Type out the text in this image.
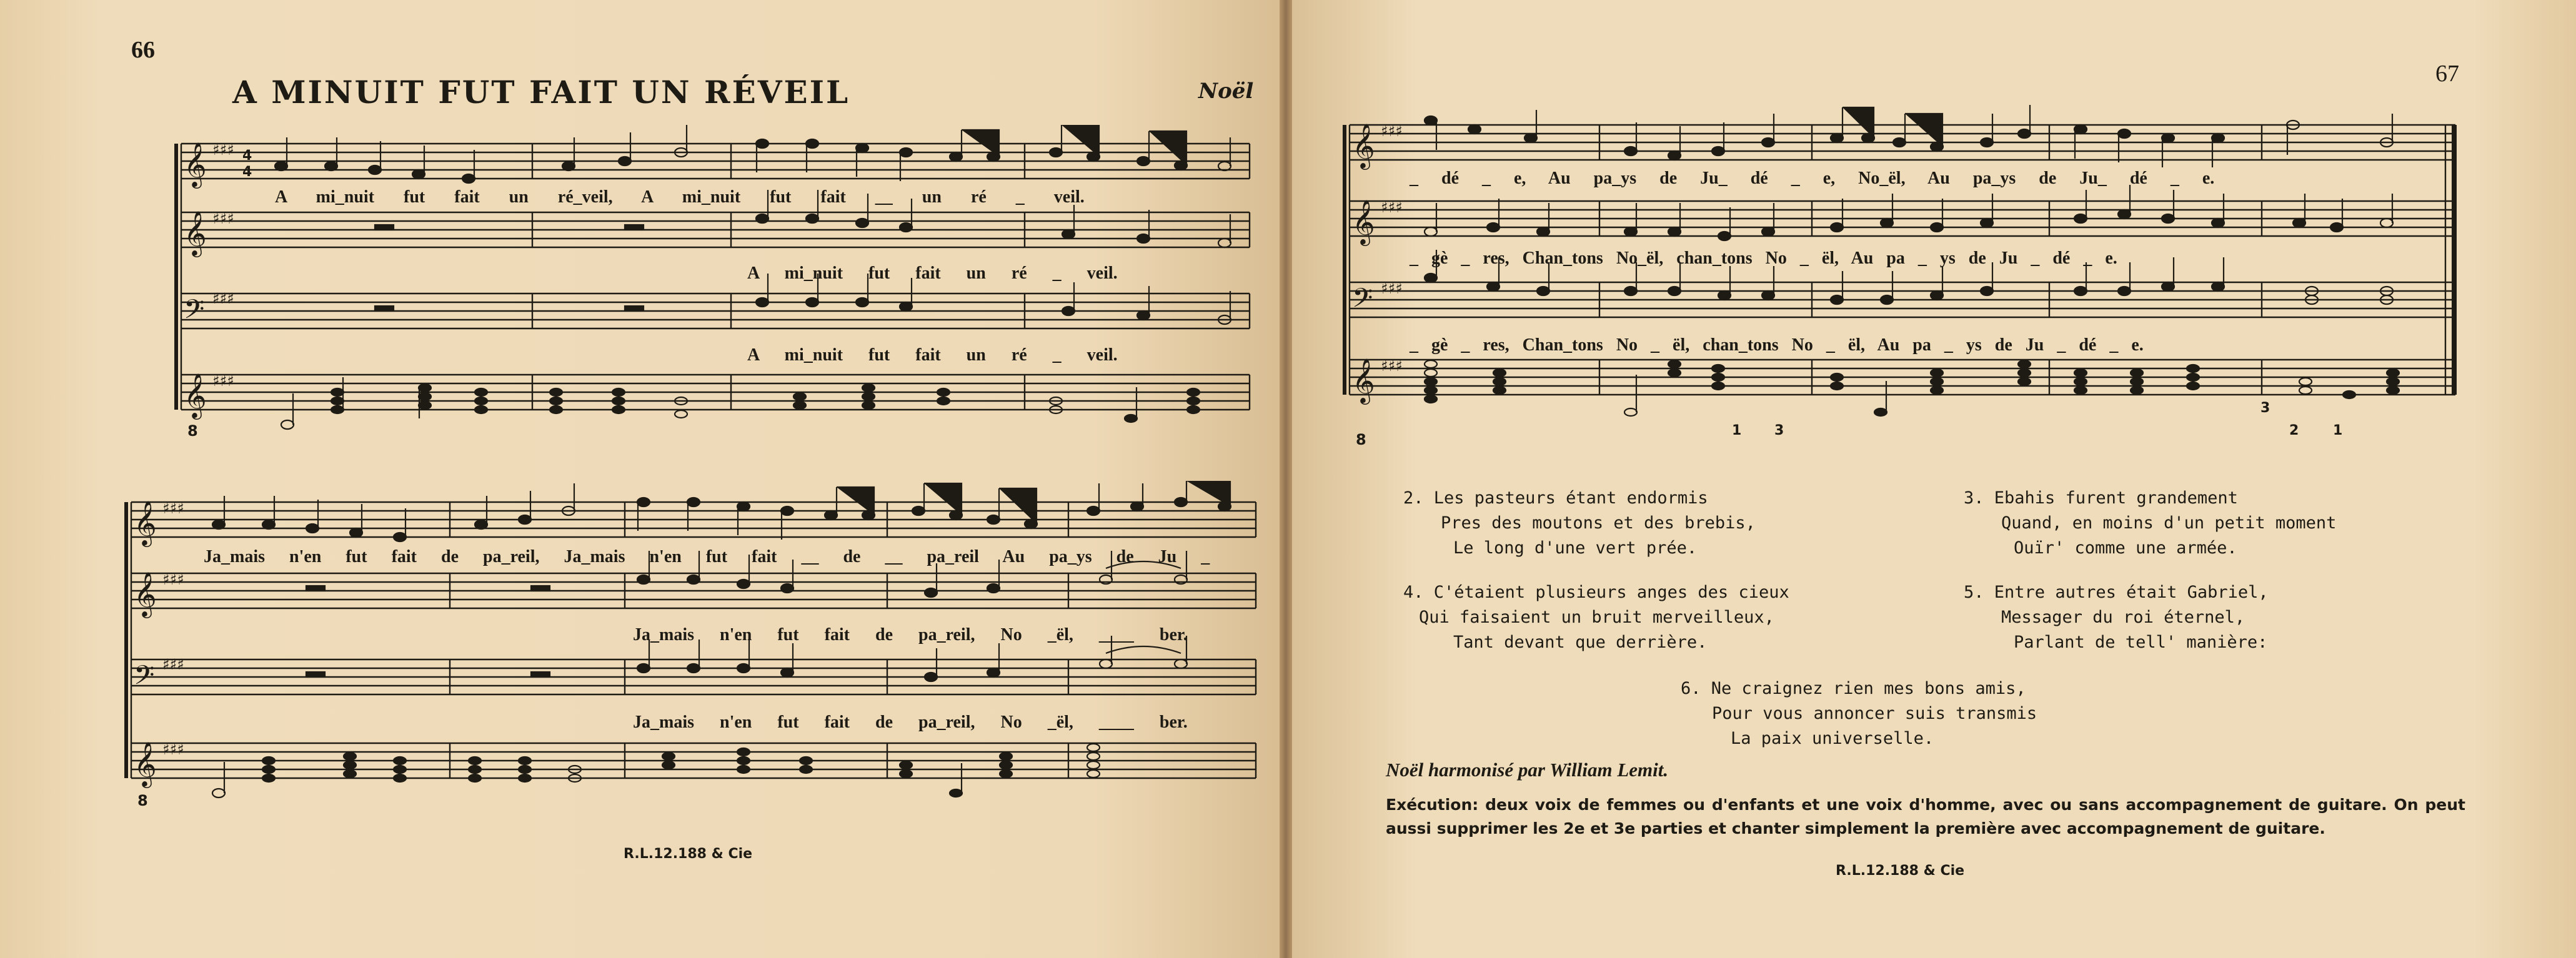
66
A MINUIT FUT FAIT UN RÉVEIL	Noël
𝄞
𝄞
𝄢
𝄞
8
♯♯♯
♯♯♯
♯♯♯
♯♯♯
4
4
A mi_nuit fut fait un ré_veil, A mi_nuit fut fait __ un ré _ veil.
A mi_nuit fut fait un ré _ veil.
A mi_nuit fut fait un ré _ veil.
𝄞
𝄞
𝄢
𝄞
8
♯♯♯
♯♯♯
♯♯♯
♯♯♯
Ja_mais n'en fut fait de pa_reil, Ja_mais n'en fut fait __ de __ pa_reil Au pa_ys de Ju _
Ja_mais n'en fut fait de pa_reil, No _ël, ____ ber.
Ja_mais n'en fut fait de pa_reil, No _ël, ____ ber.
R.L.12.188 & Cie
67
𝄞
𝄞
𝄢
𝄞
8
♯♯♯
♯♯♯
♯♯♯
♯♯♯
1 3
3
2 1
_ dé _ e, Au pa_ys de Ju_ dé _ e, No_ël, Au pa_ys de Ju_ dé _ e.
_ gè _ res, Chan_tons No_ël, chan_tons No _ ël, Au pa _ ys de Ju _ dé _ e.
_ gè _ res, Chan_tons No _ ël, chan_tons No _ ël, Au pa _ ys de Ju _ dé _ e.
2. Les pasteurs étant endormis
Pres des moutons et des brebis,
Le long d'une vert prée.
3. Ebahis furent grandement
Quand, en moins d'un petit moment
Ouïr' comme une armée.
4. C'étaient plusieurs anges des cieux
Qui faisaient un bruit merveilleux,
Tant devant que derrière.
5. Entre autres était Gabriel,
Messager du roi éternel,
Parlant de tell' manière:
6. Ne craignez rien mes bons amis,
Pour vous annoncer suis transmis
La paix universelle.
Noël harmonisé par William Lemit.
Exécution: deux voix de femmes ou d'enfants et une voix d'homme, avec ou sans accompagnement de guitare. On peut aussi supprimer les 2e et 3e parties et chanter simplement la première avec accompagnement de guitare.
R.L.12.188 & Cie
